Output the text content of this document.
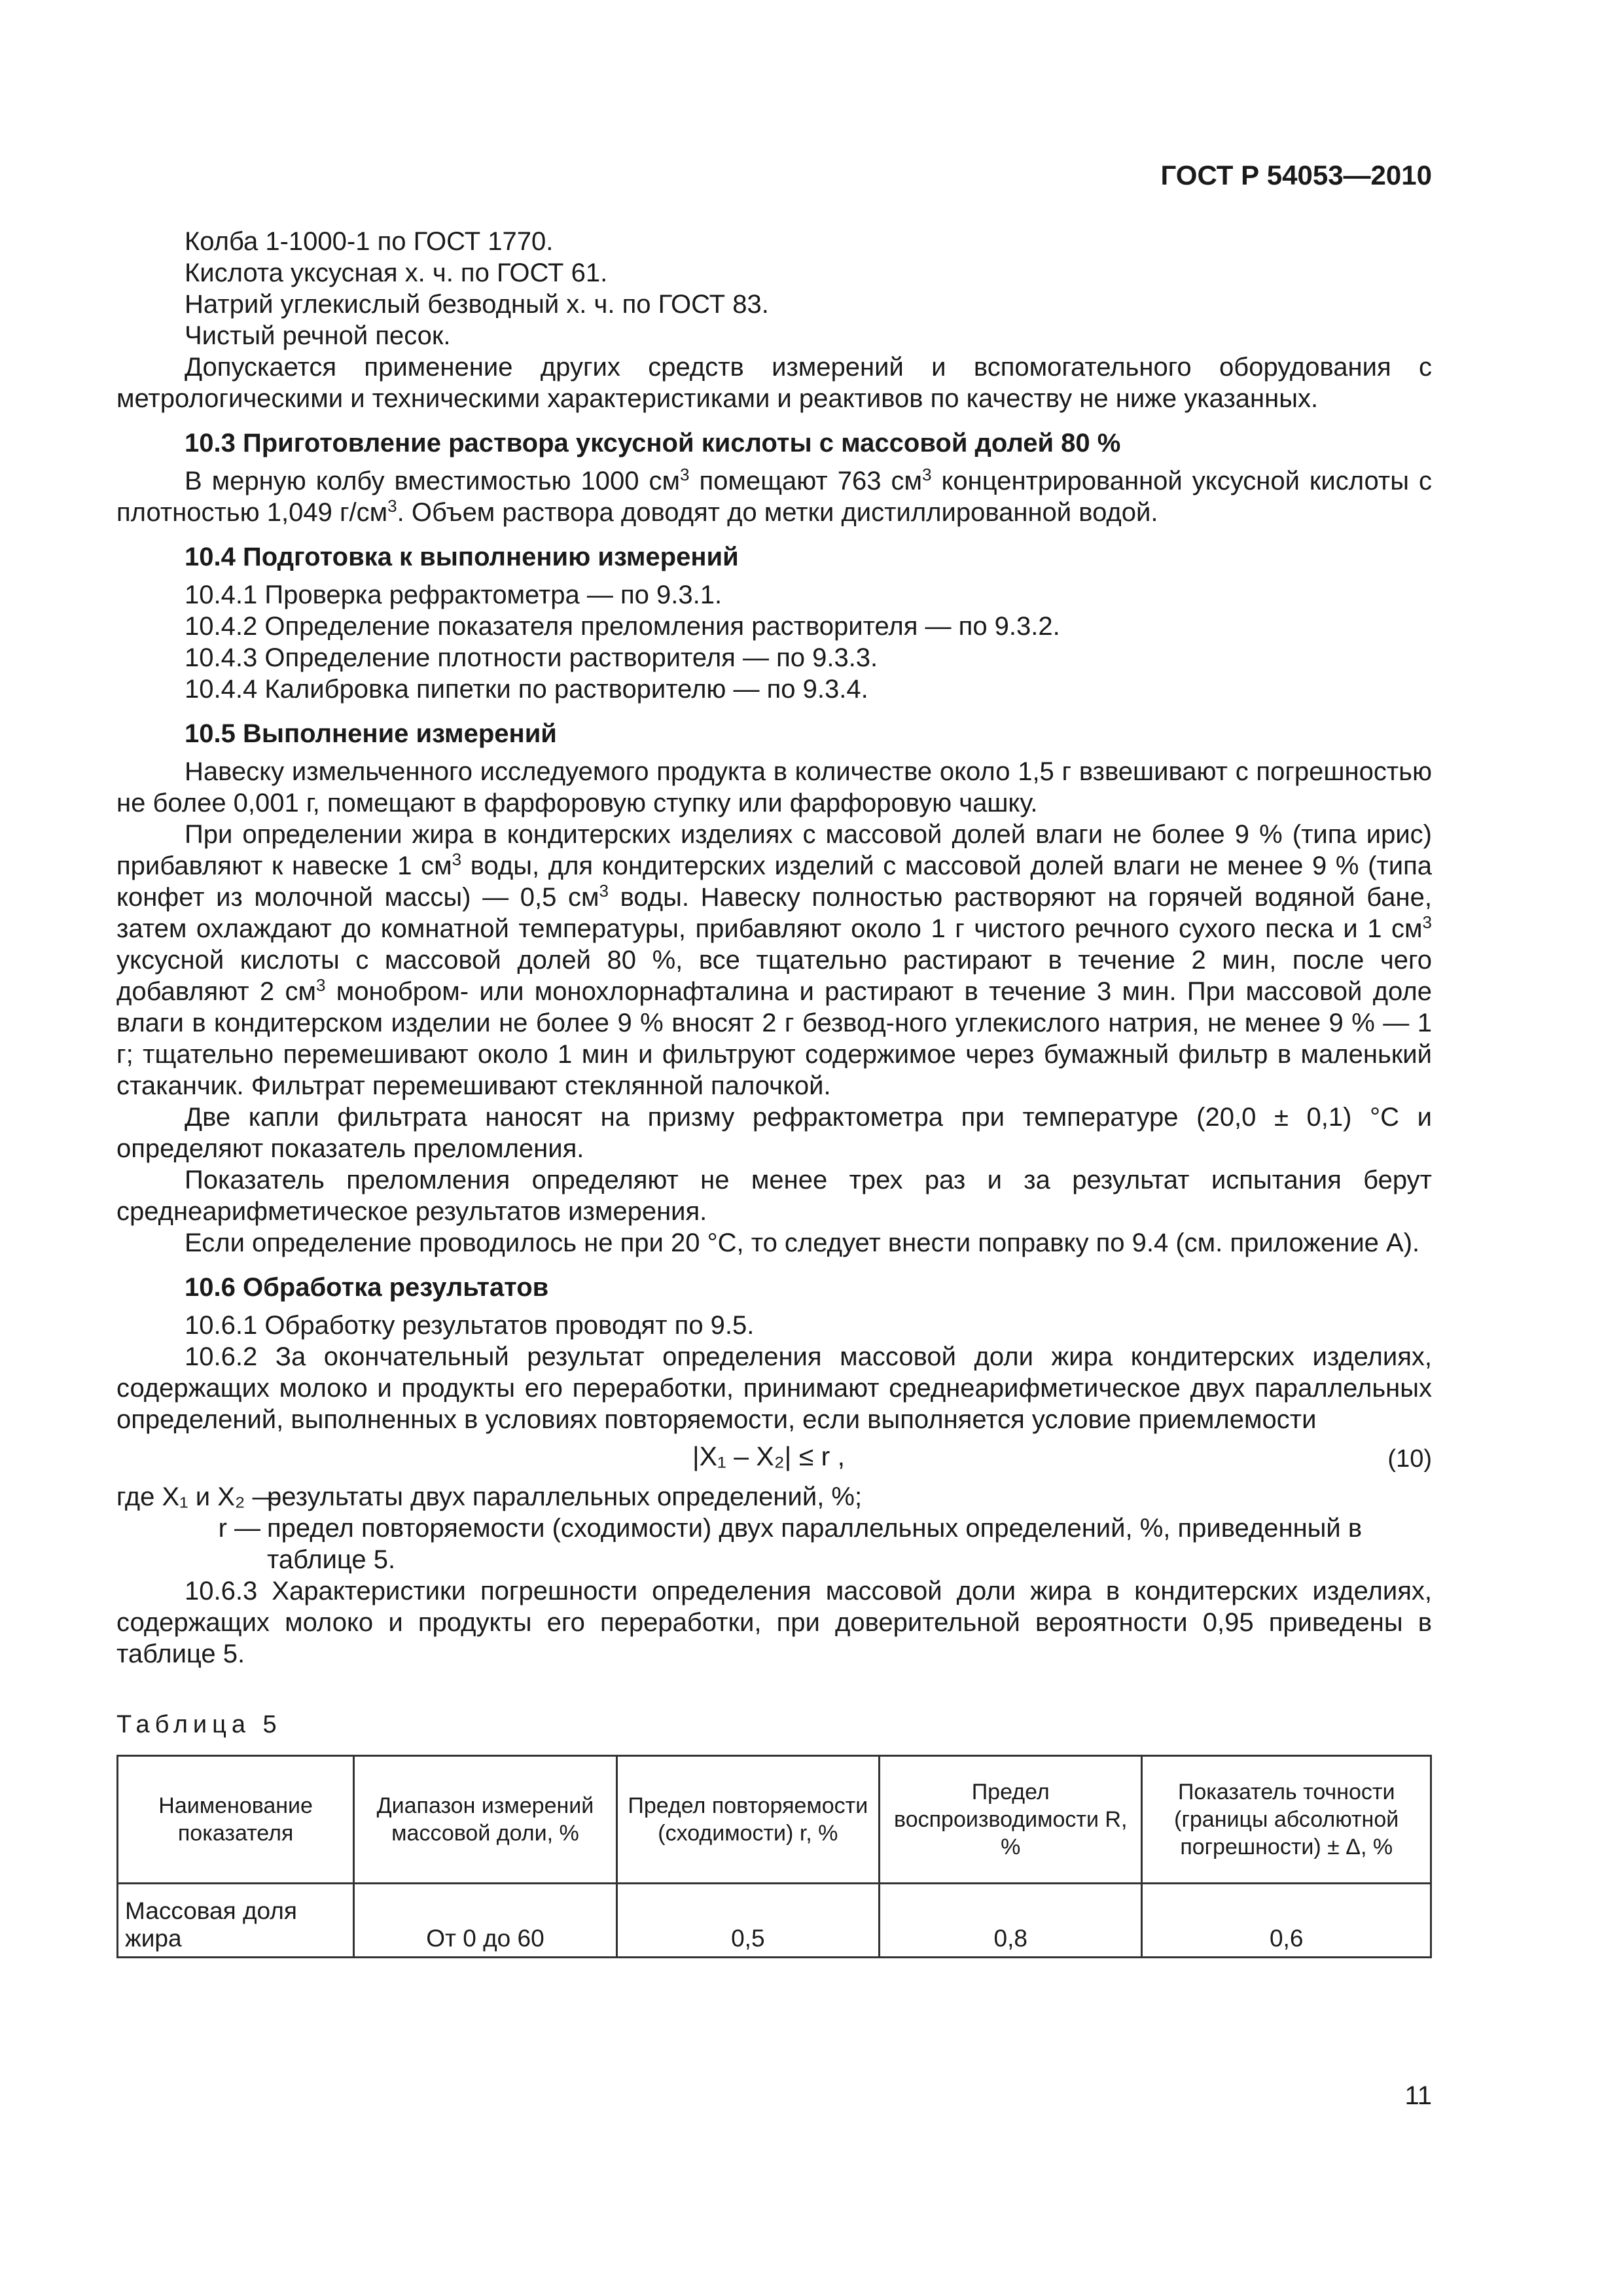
ГОСТ Р 54053—2010

Колба 1-1000-1 по ГОСТ 1770.

Кислота уксусная х. ч. по ГОСТ 61.

Натрий углекислый безводный х. ч. по ГОСТ 83.

Чистый речной песок.

Допускается применение других средств измерений и вспомогательного оборудования с метрологическими и техническими характеристиками и реактивов по качеству не ниже указанных.

10.3 Приготовление раствора уксусной кислоты с массовой долей 80 %

В мерную колбу вместимостью 1000 $см^3$ помещают 763 $см^3$ концентрированной уксусной кислоты с плотностью 1,049 $г/см^3$. Объем раствора доводят до метки дистиллированной водой.

10.4 Подготовка к выполнению измерений

10.4.1 Проверка рефрактометра — по 9.3.1.

10.4.2 Определение показателя преломления растворителя — по 9.3.2.

10.4.3 Определение плотности растворителя — по 9.3.3.

10.4.4 Калибровка пипетки по растворителю — по 9.3.4.

10.5 Выполнение измерений

Навеску измельченного исследуемого продукта в количестве около 1,5 г взвешивают с погрешностью не более 0,001 г, помещают в фарфоровую ступку или фарфоровую чашку.

При определении жира в кондитерских изделиях с массовой долей влаги не более 9 % (типа ирис) прибавляют к навеске 1 $см^3$ воды, для кондитерских изделий с массовой долей влаги не менее 9 % (типа конфет из молочной массы) — 0,5 $см^3$ воды. Навеску полностью растворяют на горячей водяной бане, затем охлаждают до комнатной температуры, прибавляют около 1 г чистого речного сухого песка и 1 $см^3$ уксусной кислоты с массовой долей 80 %, все тщательно растирают в течение 2 мин, после чего добавляют 2 $см^3$ монобром- или монохлорнафталина и растирают в течение 3 мин. При массовой доле влаги в кондитерском изделии не более 9 % вносят 2 г безвод-ного углекислого натрия, не менее 9 % — 1 г; тщательно перемешивают около 1 мин и фильтруют содержимое через бумажный фильтр в маленький стаканчик. Фильтрат перемешивают стеклянной палочкой.

Две капли фильтрата наносят на призму рефрактометра при температуре (20,0 ± 0,1) °С и определяют показатель преломления.

Показатель преломления определяют не менее трех раз и за результат испытания берут среднеарифметическое результатов измерения.

Если определение проводилось не при 20 °С, то следует внести поправку по 9.4 (см. приложение А).

10.6 Обработка результатов

10.6.1 Обработку результатов проводят по 9.5.

10.6.2 За окончательный результат определения массовой доли жира кондитерских изделиях, содержащих молоко и продукты его переработки, принимают среднеарифметическое двух параллельных определений, выполненных в условиях повторяемости, если выполняется условие приемлемости

|X₁ – X₂| ≤ r ,	(10)
где X₁ и X₂ —
результаты двух параллельных определений, %;
r — предел повторяемости (сходимости) двух параллельных определений, %, приведенный в таблице 5.

10.6.3 Характеристики погрешности определения массовой доли жира в кондитерских изделиях, содержащих молоко и продукты его переработки, при доверительной вероятности 0,95 приведены в таблице 5.

Таблица 5

Наименование показателя	Диапазон измерений массовой доли, %	Предел повторяемости (сходимости) r, %	Предел воспроизводимости R, %	Показатель точности (границы абсолютной погрешности) ± Δ, %
Массовая доля жира	От 0 до 60	0,5	0,8	0,6
11
